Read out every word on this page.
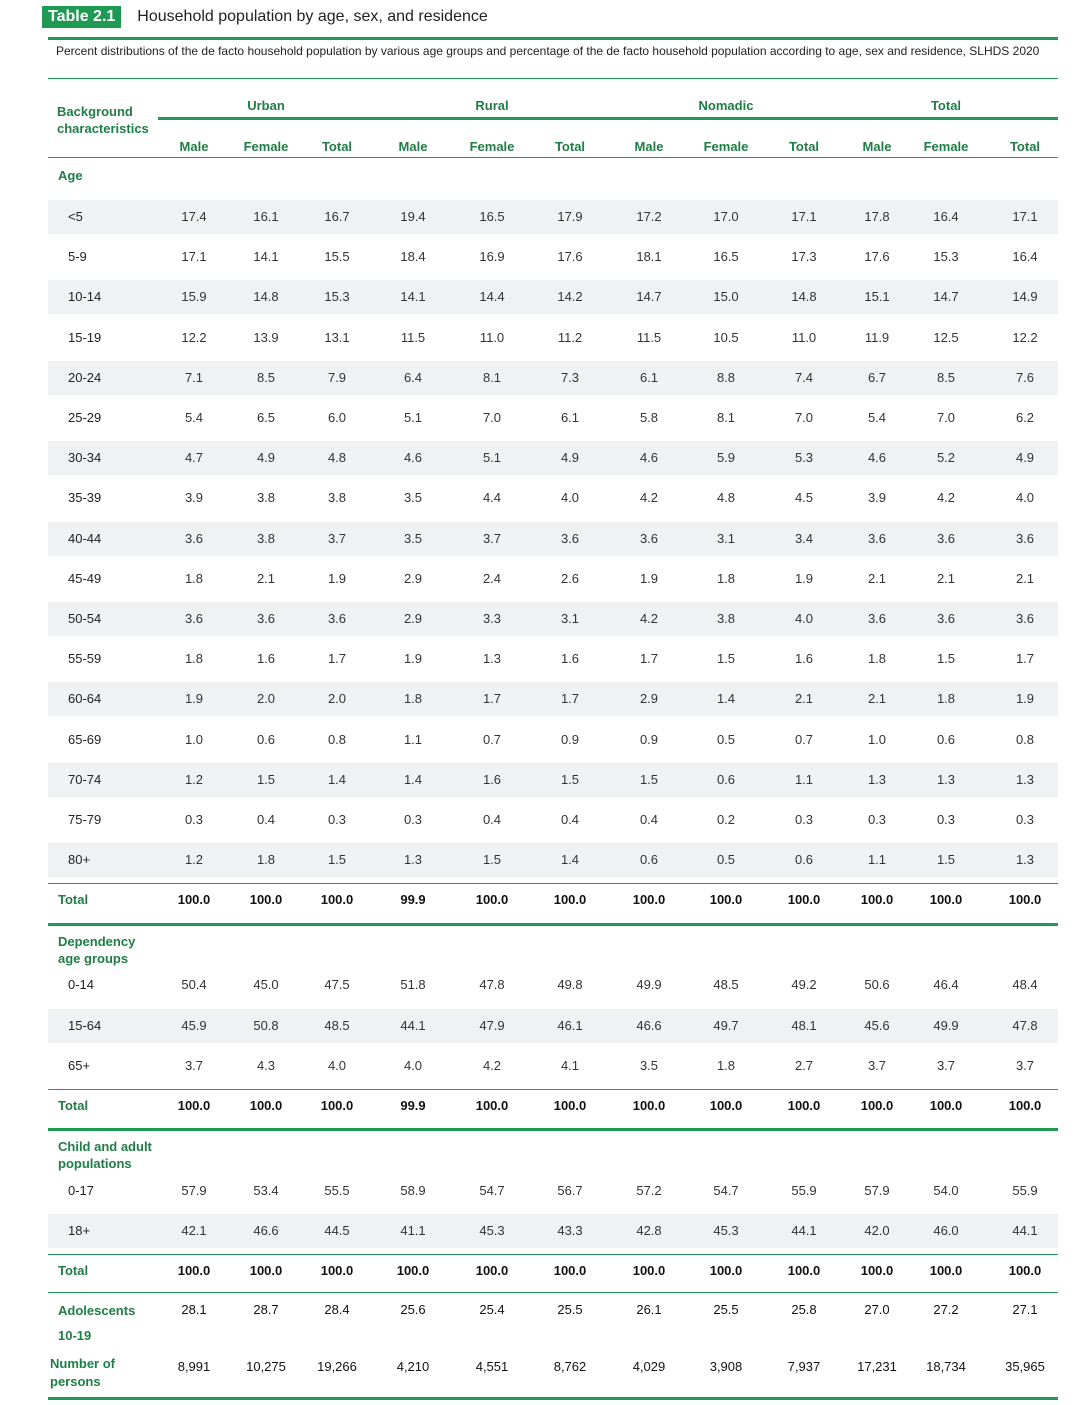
Table 2.1	Household population by age, sex, and residence
Percent distributions of the de facto household population by various age groups and percentage of the de facto household population according to age, sex and residence, SLHDS 2020
Background
characteristics
Urban	Rural	Nomadic	Total
Male	Female	Total	Male	Female	Total	Male	Female	Total	Male	Female	Total
Age
<5	17.4	16.1	16.7	19.4	16.5	17.9	17.2	17.0	17.1	17.8	16.4	17.1
5-9	17.1	14.1	15.5	18.4	16.9	17.6	18.1	16.5	17.3	17.6	15.3	16.4
10-14	15.9	14.8	15.3	14.1	14.4	14.2	14.7	15.0	14.8	15.1	14.7	14.9
15-19	12.2	13.9	13.1	11.5	11.0	11.2	11.5	10.5	11.0	11.9	12.5	12.2
20-24	7.1	8.5	7.9	6.4	8.1	7.3	6.1	8.8	7.4	6.7	8.5	7.6
25-29	5.4	6.5	6.0	5.1	7.0	6.1	5.8	8.1	7.0	5.4	7.0	6.2
30-34	4.7	4.9	4.8	4.6	5.1	4.9	4.6	5.9	5.3	4.6	5.2	4.9
35-39	3.9	3.8	3.8	3.5	4.4	4.0	4.2	4.8	4.5	3.9	4.2	4.0
40-44	3.6	3.8	3.7	3.5	3.7	3.6	3.6	3.1	3.4	3.6	3.6	3.6
45-49	1.8	2.1	1.9	2.9	2.4	2.6	1.9	1.8	1.9	2.1	2.1	2.1
50-54	3.6	3.6	3.6	2.9	3.3	3.1	4.2	3.8	4.0	3.6	3.6	3.6
55-59	1.8	1.6	1.7	1.9	1.3	1.6	1.7	1.5	1.6	1.8	1.5	1.7
60-64	1.9	2.0	2.0	1.8	1.7	1.7	2.9	1.4	2.1	2.1	1.8	1.9
65-69	1.0	0.6	0.8	1.1	0.7	0.9	0.9	0.5	0.7	1.0	0.6	0.8
70-74	1.2	1.5	1.4	1.4	1.6	1.5	1.5	0.6	1.1	1.3	1.3	1.3
75-79	0.3	0.4	0.3	0.3	0.4	0.4	0.4	0.2	0.3	0.3	0.3	0.3
80+	1.2	1.8	1.5	1.3	1.5	1.4	0.6	0.5	0.6	1.1	1.5	1.3
Total	100.0	100.0	100.0	99.9	100.0	100.0	100.0	100.0	100.0	100.0	100.0	100.0
Dependency
age groups
0-14	50.4	45.0	47.5	51.8	47.8	49.8	49.9	48.5	49.2	50.6	46.4	48.4
15-64	45.9	50.8	48.5	44.1	47.9	46.1	46.6	49.7	48.1	45.6	49.9	47.8
65+	3.7	4.3	4.0	4.0	4.2	4.1	3.5	1.8	2.7	3.7	3.7	3.7
Total	100.0	100.0	100.0	99.9	100.0	100.0	100.0	100.0	100.0	100.0	100.0	100.0
Child and adult
populations
0-17	57.9	53.4	55.5	58.9	54.7	56.7	57.2	54.7	55.9	57.9	54.0	55.9
18+	42.1	46.6	44.5	41.1	45.3	43.3	42.8	45.3	44.1	42.0	46.0	44.1
Total	100.0	100.0	100.0	100.0	100.0	100.0	100.0	100.0	100.0	100.0	100.0	100.0
Adolescents
10-19
28.1	28.7	28.4	25.6	25.4	25.5	26.1	25.5	25.8	27.0	27.2	27.1
Number of
persons
8,991	10,275	19,266	4,210	4,551	8,762	4,029	3,908	7,937	17,231	18,734	35,965
